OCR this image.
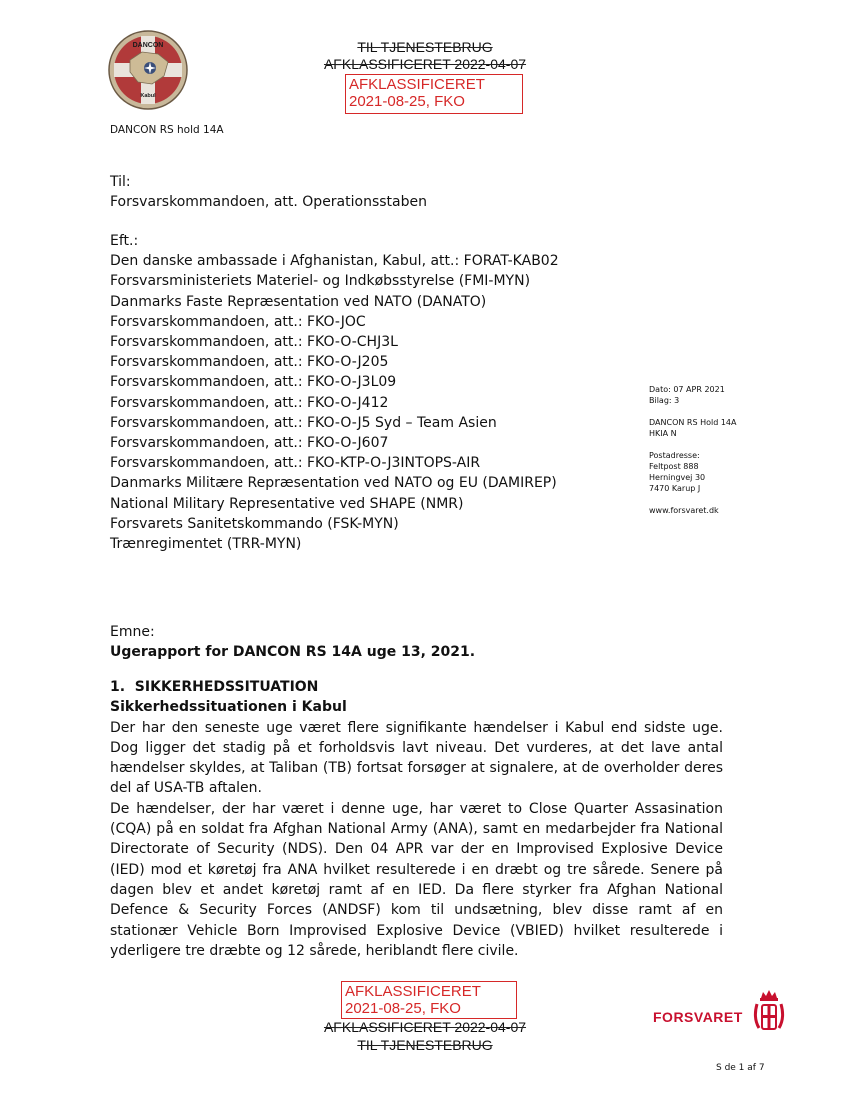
TIL TJENESTEBRUG
AFKLASSIFICERET 2022-04-07
AFKLASSIFICERET
2021-08-25, FKO
DANCON
Kabul
DANCON RS hold 14A
Til:
Forsvarskommandoen, att. Operationsstaben
Eft.:
Den danske ambassade i Afghanistan, Kabul, att.: FORAT-KAB02
Forsvarsministeriets Materiel- og Indkøbsstyrelse (FMI-MYN)
Danmarks Faste Repræsentation ved NATO (DANATO)
Forsvarskommandoen, att.: FKO-JOC
Forsvarskommandoen, att.: FKO-O-CHJ3L
Forsvarskommandoen, att.: FKO-O-J205
Forsvarskommandoen, att.: FKO-O-J3L09
Forsvarskommandoen, att.: FKO-O-J412
Forsvarskommandoen, att.: FKO-O-J5 Syd – Team Asien
Forsvarskommandoen, att.: FKO-O-J607
Forsvarskommandoen, att.: FKO-KTP-O-J3INTOPS-AIR
Danmarks Militære Repræsentation ved NATO og EU (DAMIREP)
National Military Representative ved SHAPE (NMR)
Forsvarets Sanitetskommando (FSK-MYN)
Trænregimentet (TRR-MYN)
Dato: 07 APR 2021
Bilag: 3
DANCON RS Hold 14A
HKIA N
Postadresse:
Feltpost 888
Herningvej 30
7470 Karup J
www.forsvaret.dk
Emne:
Ugerapport for DANCON RS 14A uge 13, 2021.
1.  SIKKERHEDSSITUATION
Sikkerhedssituationen i Kabul
Der har den seneste uge været flere signifikante hændelser i Kabul end sidste uge. Dog ligger det stadig på et forholdsvis lavt niveau. Det vurderes, at det lave antal hændelser skyldes, at Taliban (TB) fortsat forsøger at signalere, at de overholder deres del af USA-TB aftalen.
De hændelser, der har været i denne uge, har været to Close Quarter Assasination (CQA) på en soldat fra Afghan National Army (ANA), samt en medarbejder fra National Directorate of Security (NDS). Den 04 APR var der en Improvised Explosive Device (IED) mod et køretøj fra ANA hvilket resulterede i en dræbt og tre sårede. Senere på dagen blev et andet køretøj ramt af en IED. Da flere styrker fra Afghan National Defence & Security Forces (ANDSF) kom til undsætning, blev disse ramt af en stationær Vehicle Born Improvised Explosive Device (VBIED) hvilket resulterede i yderligere tre dræbte og 12 sårede, heriblandt flere civile.
AFKLASSIFICERET
2021-08-25, FKO
AFKLASSIFICERET 2022-04-07
TIL TJENESTEBRUG
FORSVARET
S de 1 af 7
